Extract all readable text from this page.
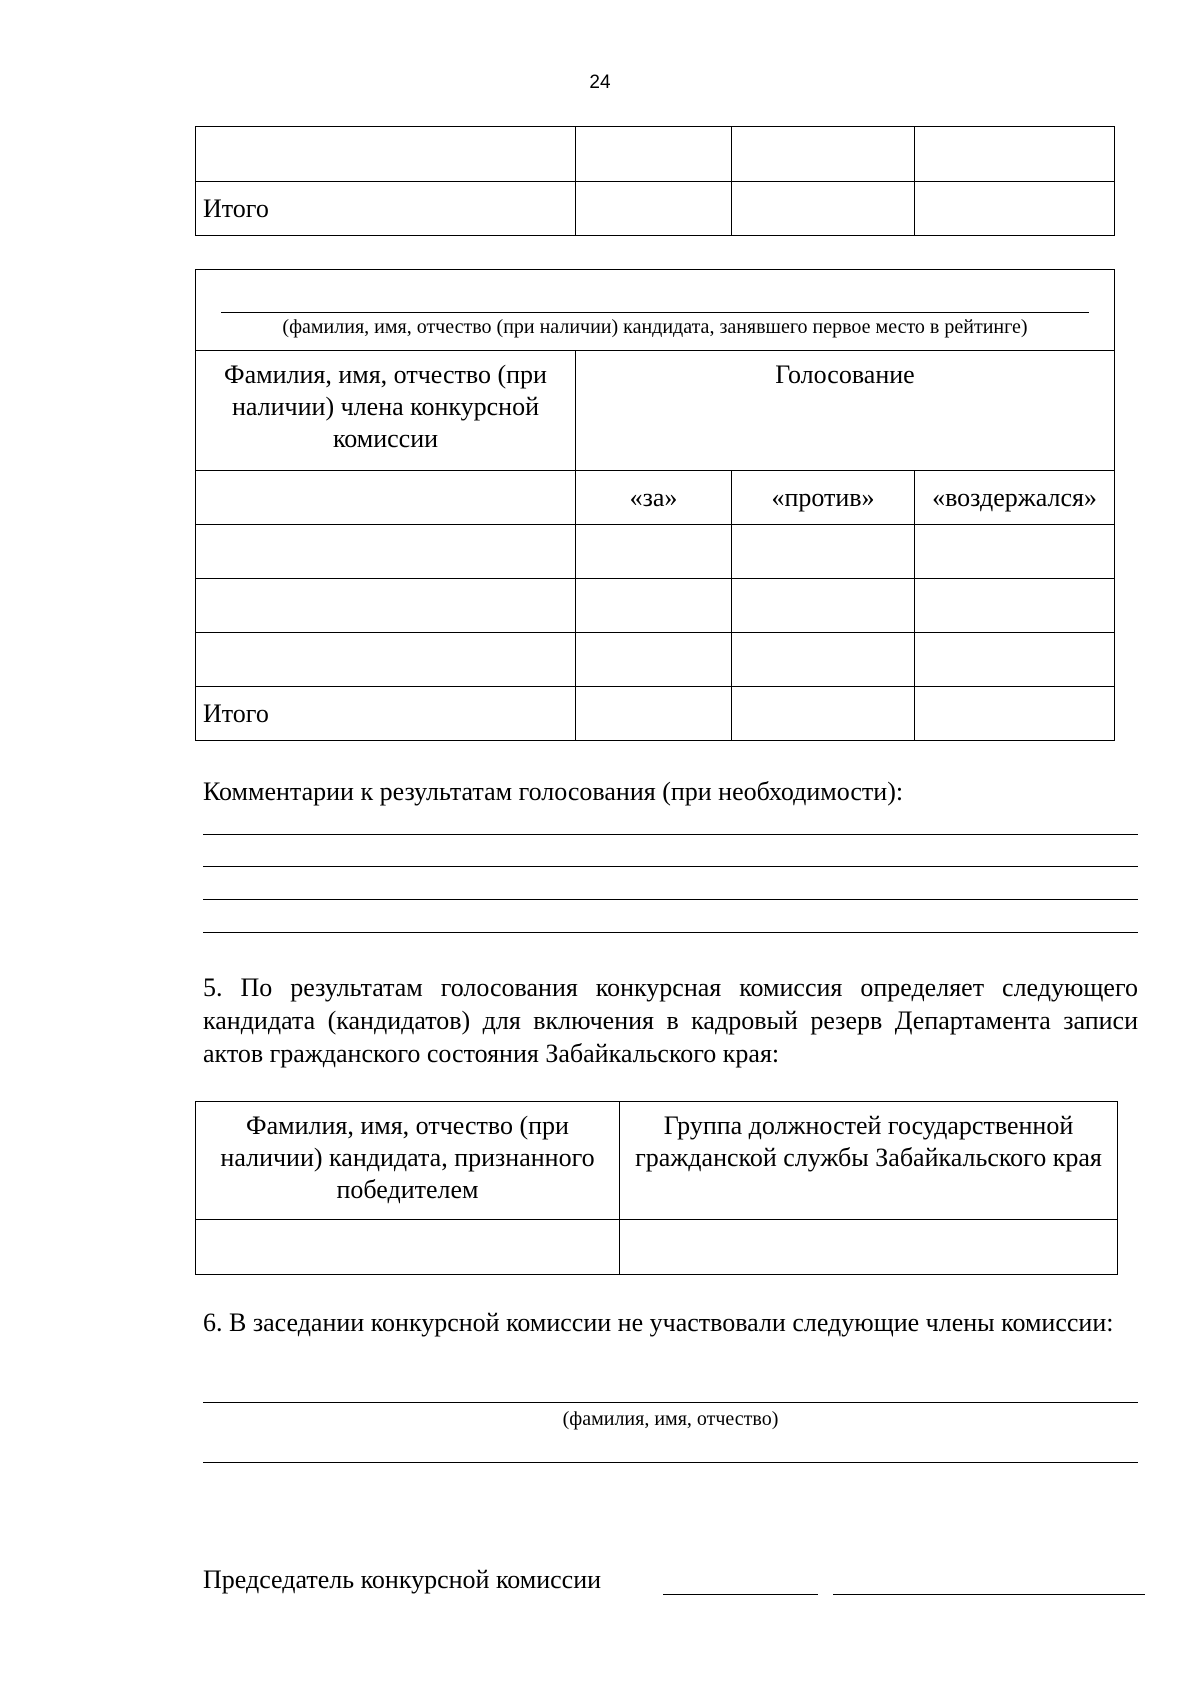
24

Итого			
(фамилия, имя, отчество (при наличии) кандидата, занявшего первое место в рейтинге)			

Фамилия, имя, отчество (при наличии) члена конкурсной комиссии	Голосование		
	«за»	«против»	«воздержался»

Итого			
Комментарии к результатам голосования (при необходимости):
5. По результатам голосования конкурсная комиссия определяет следующего кандидата (кандидатов) для включения в кадровый резерв Департамента записи актов гражданского состояния Забайкальского края:
Фамилия, имя, отчество (при наличии) кандидата, признанного победителем	Группа должностей государственной гражданской службы Забайкальского края

6. В заседании конкурсной комиссии не участвовали следующие члены комиссии:
(фамилия, имя, отчество)
Председатель конкурсной комиссии
